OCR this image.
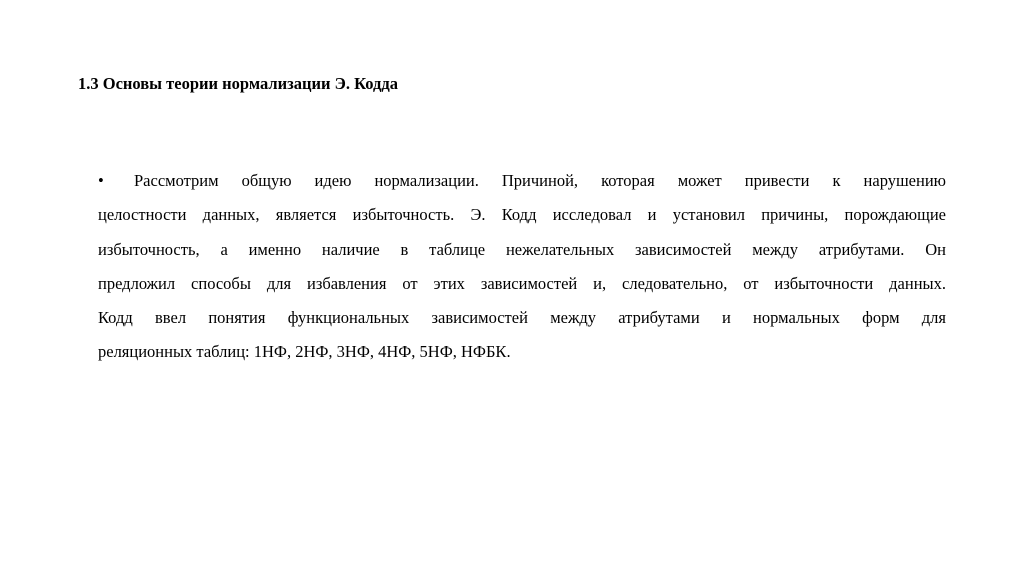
1.3 Основы теории нормализации Э. Кодда
• Рассмотрим общую идею нормализации. Причиной, которая может привести к нарушению
целостности данных, является избыточность. Э. Кодд исследовал и установил причины, порождающие
избыточность, а именно наличие в таблице нежелательных зависимостей между атрибутами. Он
предложил способы для избавления от этих зависимостей и, следовательно, от избыточности данных.
Кодд ввел понятия функциональных зависимостей между атрибутами и нормальных форм для
реляционных таблиц: 1НФ, 2НФ, 3НФ, 4НФ, 5НФ, НФБК.
